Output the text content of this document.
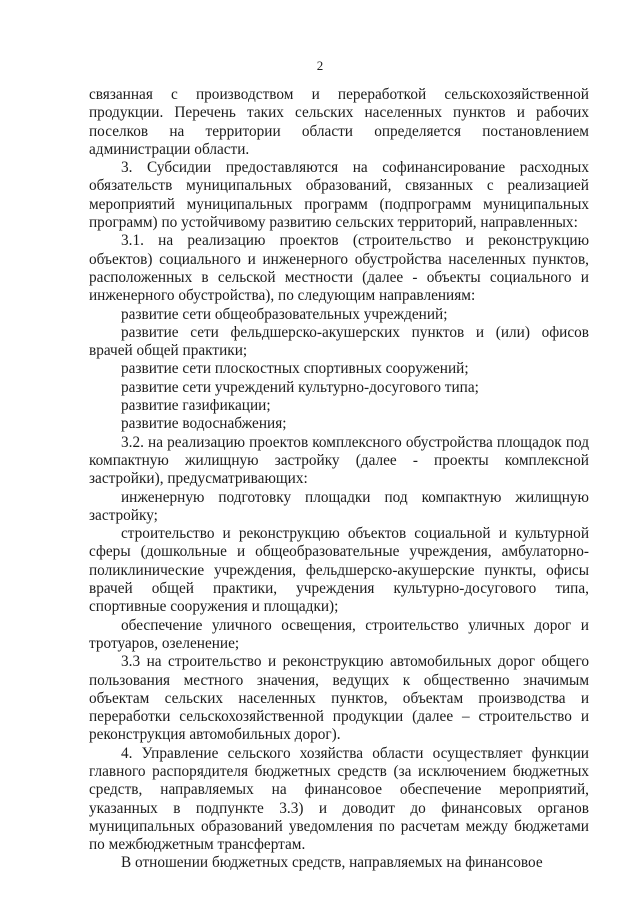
2

связанная с производством и переработкой сельскохозяйственной продукции. Перечень таких сельских населенных пунктов и рабочих поселков на территории области определяется постановлением администрации области.

3. Субсидии предоставляются на софинансирование расходных обязательств муниципальных образований, связанных с реализацией мероприятий муниципальных программ (подпрограмм муниципальных программ) по устойчивому развитию сельских территорий, направленных:

3.1. на реализацию проектов (строительство и реконструкцию объектов) социального и инженерного обустройства населенных пунктов, расположенных в сельской местности (далее - объекты социального и инженерного обустройства), по следующим направлениям:

развитие сети общеобразовательных учреждений;

развитие сети фельдшерско-акушерских пунктов и (или) офисов врачей общей практики;

развитие сети плоскостных спортивных сооружений;

развитие сети учреждений культурно-досугового типа;

развитие газификации;

развитие водоснабжения;

3.2. на реализацию проектов комплексного обустройства площадок под компактную жилищную застройку (далее - проекты комплексной застройки), предусматривающих:

инженерную подготовку площадки под компактную жилищную застройку;

строительство и реконструкцию объектов социальной и культурной сферы (дошкольные и общеобразовательные учреждения, амбулаторно-поликлинические учреждения, фельдшерско-акушерские пункты, офисы врачей общей практики, учреждения культурно-досугового типа, спортивные сооружения и площадки);

обеспечение уличного освещения, строительство уличных дорог и тротуаров, озеленение;

3.3 на строительство и реконструкцию автомобильных дорог общего пользования местного значения, ведущих к общественно значимым объектам сельских населенных пунктов, объектам производства и переработки сельскохозяйственной продукции (далее – строительство и реконструкция автомобильных дорог).

4. Управление сельского хозяйства области осуществляет функции главного распорядителя бюджетных средств (за исключением бюджетных средств, направляемых на финансовое обеспечение мероприятий, указанных в подпункте 3.3) и доводит до финансовых органов муниципальных образований уведомления по расчетам между бюджетами по межбюджетным трансфертам.

В отношении бюджетных средств, направляемых на финансовое
